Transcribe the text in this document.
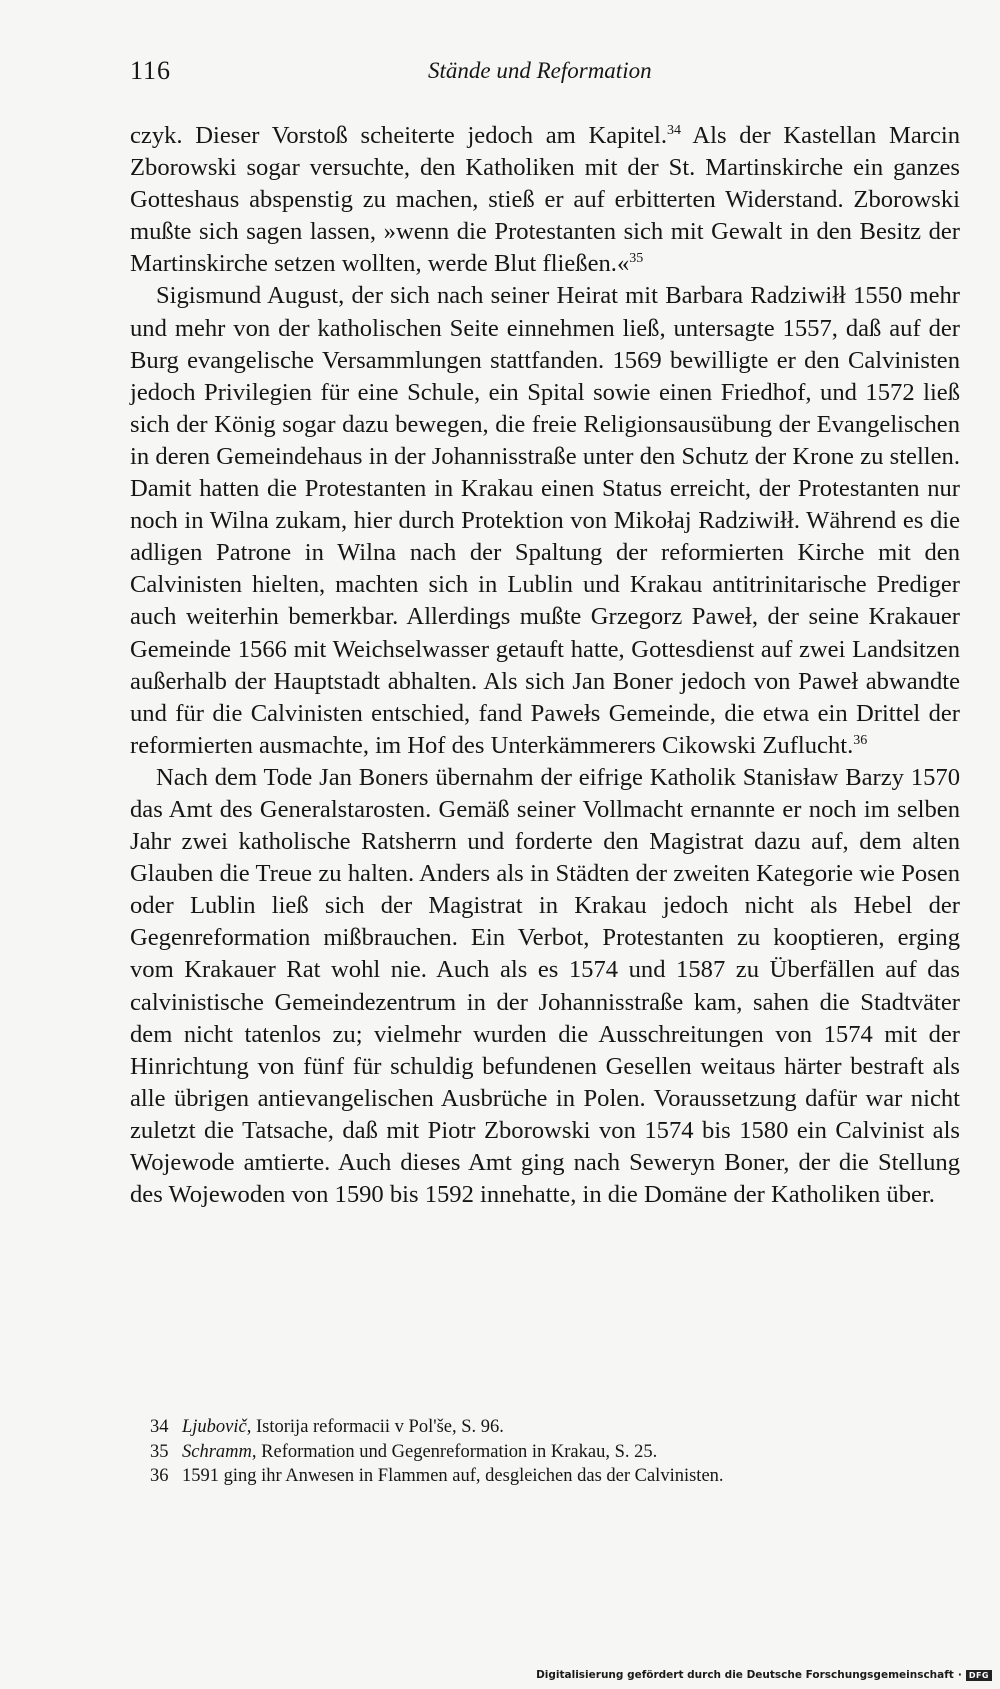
116	Stände und Reformation

czyk. Dieser Vorstoß scheiterte jedoch am Kapitel.$^{34}$ Als der Kastellan Marcin Zborowski sogar versuchte, den Katholiken mit der St. Martinskirche ein ganzes Gotteshaus abspenstig zu machen, stieß er auf erbitterten Widerstand. Zborowski mußte sich sagen lassen, »wenn die Protestanten sich mit Gewalt in den Besitz der Martinskirche setzen wollten, werde Blut fließen.«$^{35}$

Sigismund August, der sich nach seiner Heirat mit Barbara Radziwiłł 1550 mehr und mehr von der katholischen Seite einnehmen ließ, untersagte 1557, daß auf der Burg evangelische Versammlungen stattfanden. 1569 bewilligte er den Calvinisten jedoch Privilegien für eine Schule, ein Spital sowie einen Friedhof, und 1572 ließ sich der König sogar dazu bewegen, die freie Religionsausübung der Evangelischen in deren Gemeindehaus in der Johannisstraße unter den Schutz der Krone zu stellen. Damit hatten die Protestanten in Krakau einen Status erreicht, der Protestanten nur noch in Wilna zukam, hier durch Protektion von Mikołaj Radziwiłł. Während es die adligen Patrone in Wilna nach der Spaltung der reformierten Kirche mit den Calvinisten hielten, machten sich in Lublin und Krakau antitrinitarische Prediger auch weiterhin bemerkbar. Allerdings mußte Grzegorz Paweł, der seine Krakauer Gemeinde 1566 mit Weichselwasser getauft hatte, Gottesdienst auf zwei Landsitzen außerhalb der Hauptstadt abhalten. Als sich Jan Boner jedoch von Paweł abwandte und für die Calvinisten entschied, fand Pawełs Gemeinde, die etwa ein Drittel der reformierten ausmachte, im Hof des Unterkämmerers Cikowski Zuflucht.$^{36}$

Nach dem Tode Jan Boners übernahm der eifrige Katholik Stanisław Barzy 1570 das Amt des Generalstarosten. Gemäß seiner Vollmacht ernannte er noch im selben Jahr zwei katholische Ratsherrn und forderte den Magistrat dazu auf, dem alten Glauben die Treue zu halten. Anders als in Städten der zweiten Kategorie wie Posen oder Lublin ließ sich der Magistrat in Krakau jedoch nicht als Hebel der Gegenreformation mißbrauchen. Ein Verbot, Protestanten zu kooptieren, erging vom Krakauer Rat wohl nie. Auch als es 1574 und 1587 zu Überfällen auf das calvinistische Gemeindezentrum in der Johannisstraße kam, sahen die Stadtväter dem nicht tatenlos zu; vielmehr wurden die Ausschreitungen von 1574 mit der Hinrichtung von fünf für schuldig befundenen Gesellen weitaus härter bestraft als alle übrigen antievangelischen Ausbrüche in Polen. Voraussetzung dafür war nicht zuletzt die Tatsache, daß mit Piotr Zborowski von 1574 bis 1580 ein Calvinist als Wojewode amtierte. Auch dieses Amt ging nach Seweryn Boner, der die Stellung des Wojewoden von 1590 bis 1592 innehatte, in die Domäne der Katholiken über.

34 Ljubovič, Istorija reformacii v Pol'še, S. 96.
35 Schramm, Reformation und Gegenreformation in Krakau, S. 25.
36 1591 ging ihr Anwesen in Flammen auf, desgleichen das der Calvinisten.
Digitalisierung gefördert durch die Deutsche Forschungsgemeinschaft · DFG
